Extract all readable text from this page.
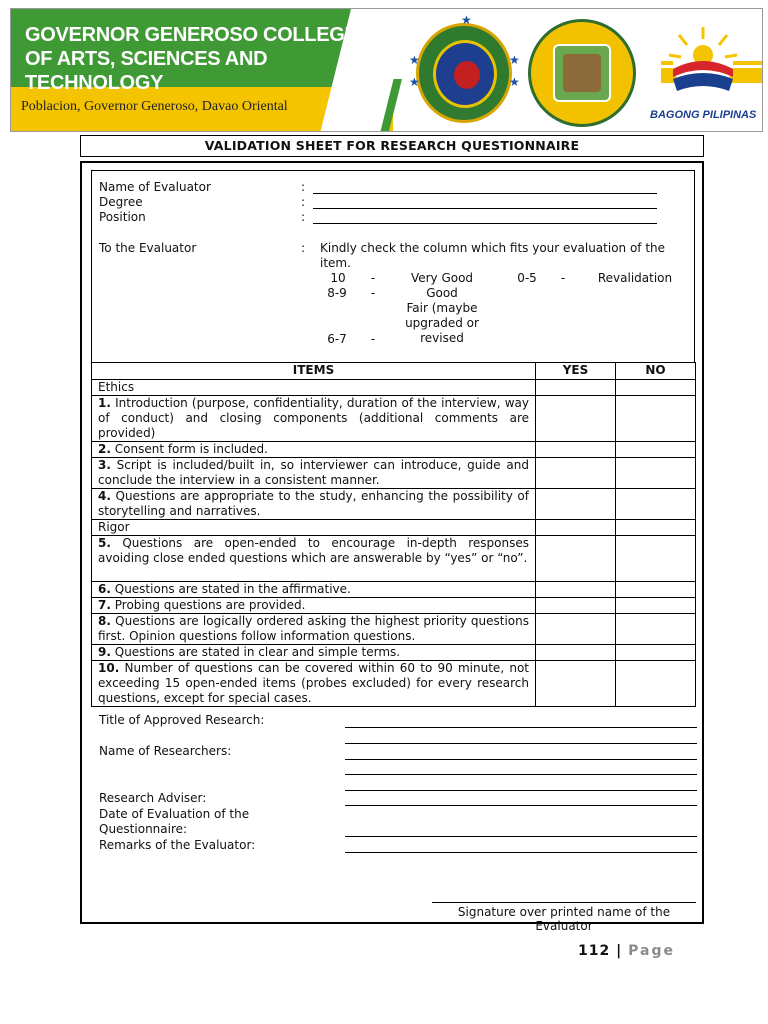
GOVERNOR GENEROSO COLLEGE OF ARTS, SCIENCES AND TECHNOLOGY
Poblacion, Governor Generoso, Davao Oriental
★
★
★
★
★
BAGONG PILIPINAS
VALIDATION SHEET FOR RESEARCH QUESTIONNAIRE
Name of Evaluator	:
Degree	:
Position	:
To the Evaluator	: Kindly check the column which fits your evaluation of the item.
10 -	Very Good	0-5 -	Revalidation
8-9 -	Good
6-7 -
Fair (maybe upgraded or revised
ITEMS	YES	NO
Ethics		
1. Introduction (purpose, confidentiality, duration of the interview, way of conduct) and closing components (additional comments are provided)		
2. Consent form is included.		
3. Script is included/built in, so interviewer can introduce, guide and conclude the interview in a consistent manner.		
4. Questions are appropriate to the study, enhancing the possibility of storytelling and narratives.		
Rigor		
5. Questions are open-ended to encourage in-depth responses avoiding close ended questions which are answerable by “yes” or “no”.		
6. Questions are stated in the affirmative.		
7. Probing questions are provided.		
8. Questions are logically ordered asking the highest priority questions first. Opinion questions follow information questions.		
9. Questions are stated in clear and simple terms.		
10. Number of questions can be covered within 60 to 90 minute, not exceeding 15 open-ended items (probes excluded) for every research questions, except for special cases.		
Title of Approved Research:
Name of Researchers:
Research Adviser:
Date of Evaluation of the
Questionnaire:
Remarks of the Evaluator:
Signature over printed name of the Evaluator
112 | Page
